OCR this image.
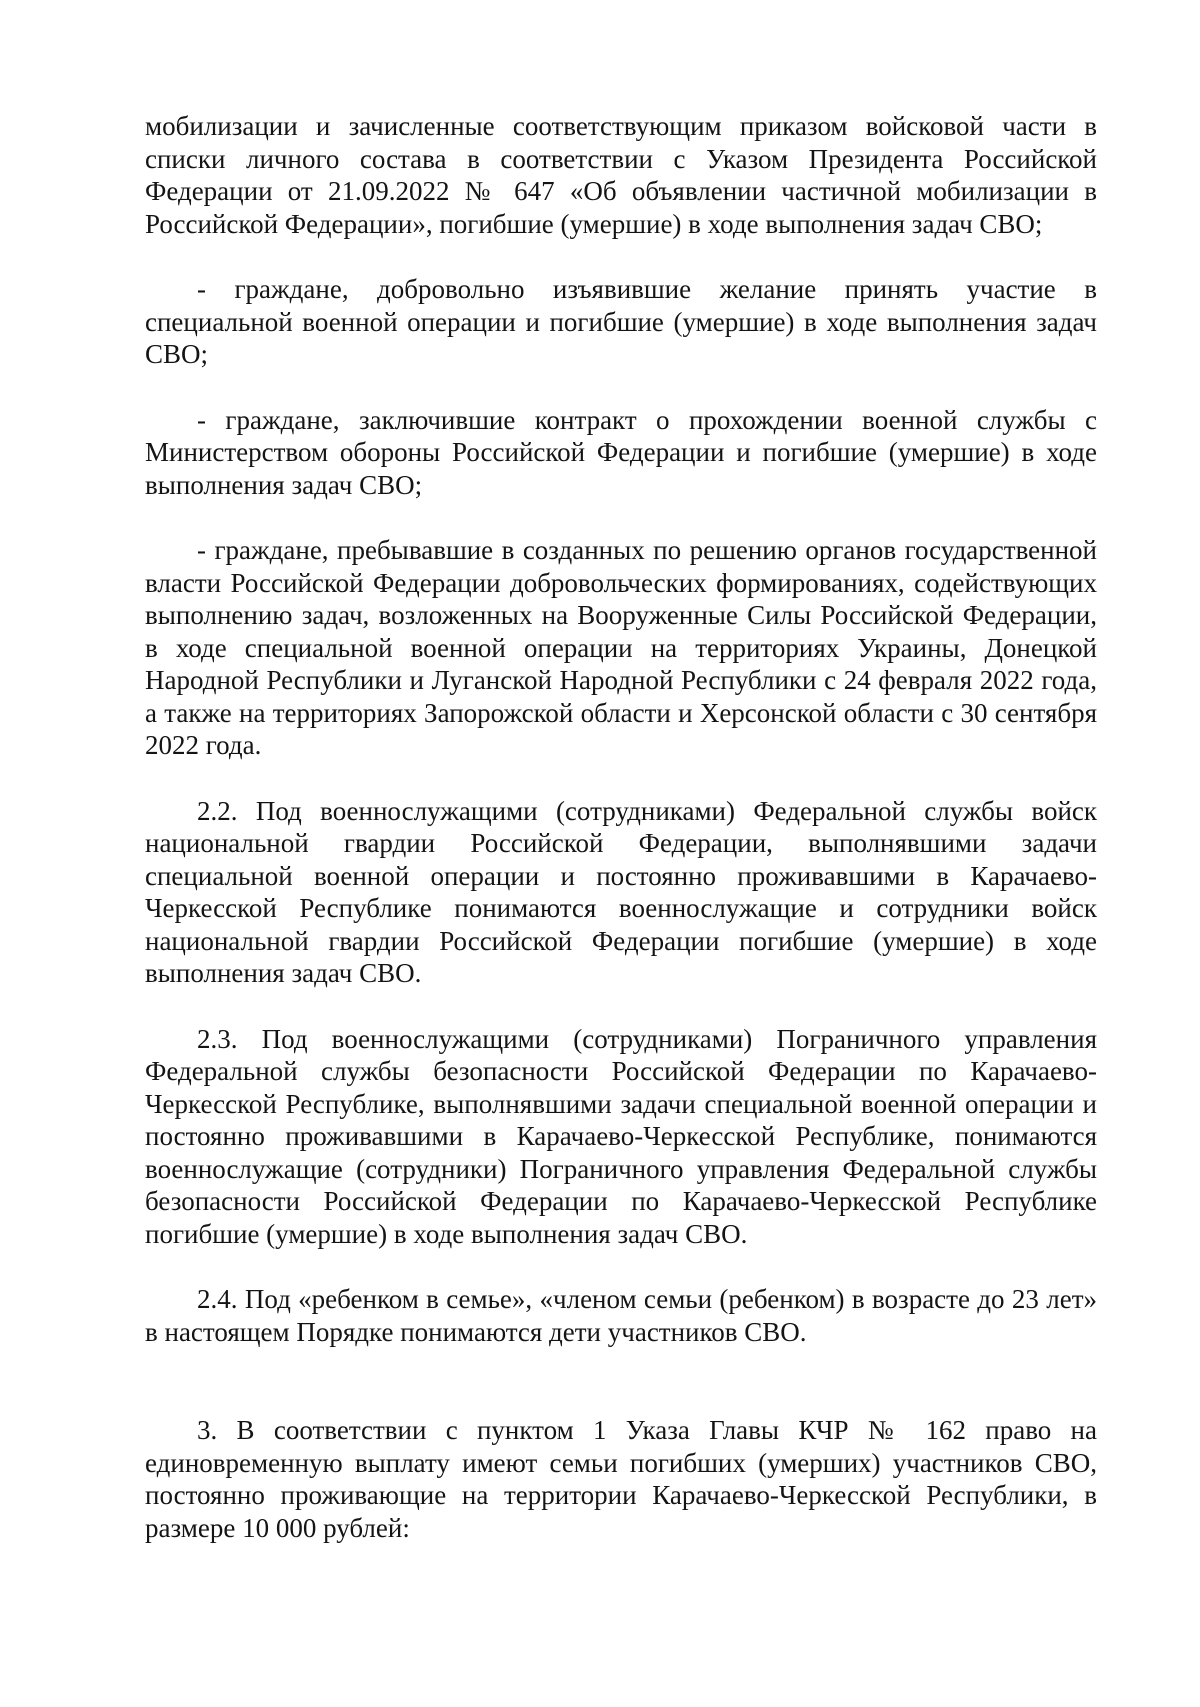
мобилизации и зачисленные соответствующим приказом войсковой части в списки личного состава в соответствии с Указом Президента Российской Федерации от 21.09.2022 № 647 «Об объявлении частичной мобилизации в Российской Федерации», погибшие (умершие) в ходе выполнения задач СВО;

- граждане, добровольно изъявившие желание принять участие в специальной военной операции и погибшие (умершие) в ходе выполнения задач СВО;

- граждане, заключившие контракт о прохождении военной службы с Министерством обороны Российской Федерации и погибшие (умершие) в ходе выполнения задач СВО;

- граждане, пребывавшие в созданных по решению органов государственной власти Российской Федерации добровольческих формированиях, содействующих выполнению задач, возложенных на Вооруженные Силы Российской Федерации, в ходе специальной военной операции на территориях Украины, Донецкой Народной Республики и Луганской Народной Республики с 24 февраля 2022 года, а также на территориях Запорожской области и Херсонской области с 30 сентября 2022 года.

2.2. Под военнослужащими (сотрудниками) Федеральной службы войск национальной гвардии Российской Федерации, выполнявшими задачи специальной военной операции и постоянно проживавшими в Карачаево-Черкесской Республике понимаются военнослужащие и сотрудники войск национальной гвардии Российской Федерации погибшие (умершие) в ходе выполнения задач СВО.

2.3. Под военнослужащими (сотрудниками) Пограничного управления Федеральной службы безопасности Российской Федерации по Карачаево-Черкесской Республике, выполнявшими задачи специальной военной операции и постоянно проживавшими в Карачаево-Черкесской Республике, понимаются военнослужащие (сотрудники) Пограничного управления Федеральной службы безопасности Российской Федерации по Карачаево-Черкесской Республике погибшие (умершие) в ходе выполнения задач СВО.

2.4. Под «ребенком в семье», «членом семьи (ребенком) в возрасте до 23 лет» в настоящем Порядке понимаются дети участников СВО.

3. В соответствии с пунктом 1 Указа Главы КЧР № 162 право на единовременную выплату имеют семьи погибших (умерших) участников СВО, постоянно проживающие на территории Карачаево-Черкесской Республики, в размере 10 000 рублей:
